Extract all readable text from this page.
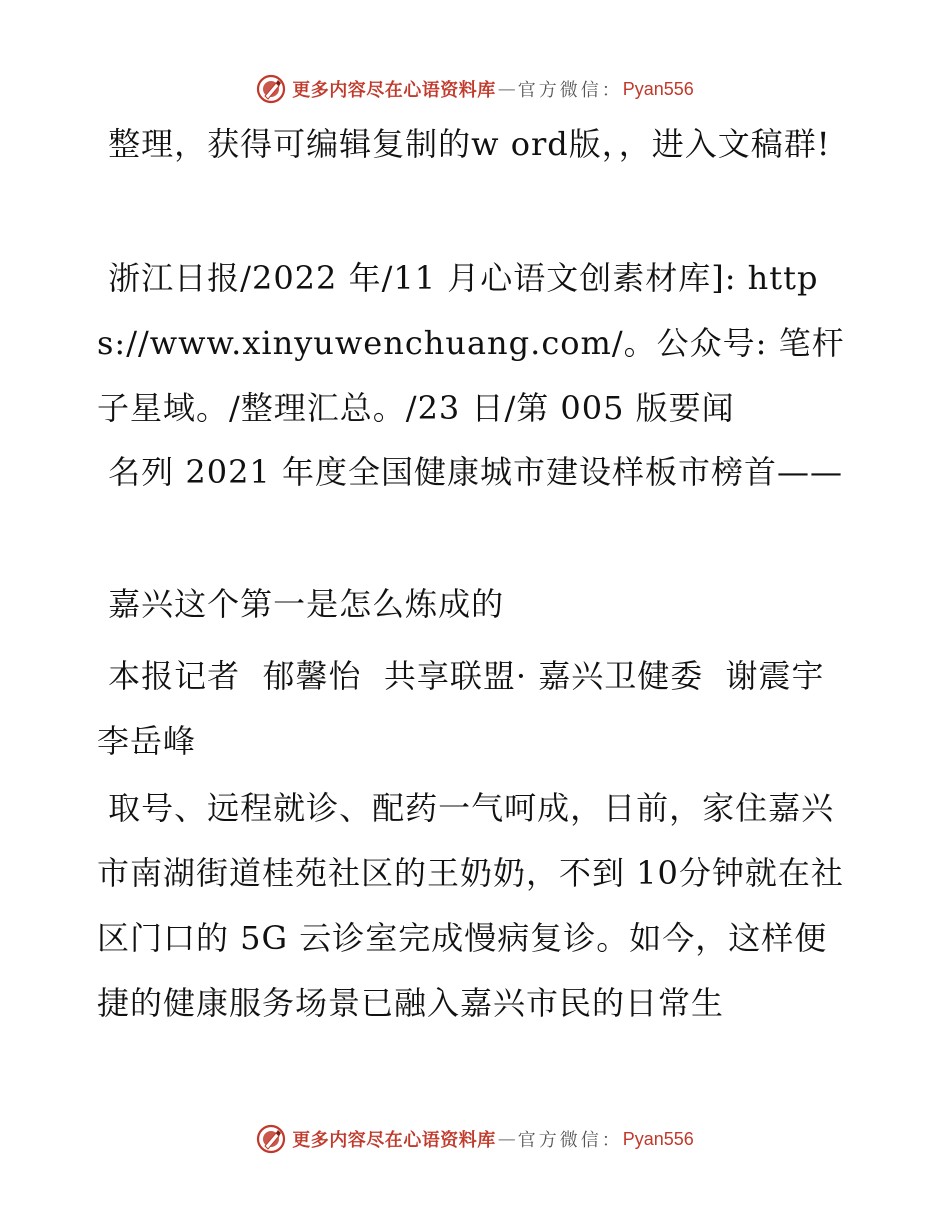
更多内容尽在心语资料库 — 官方微信： Pyan556

整理，获得可编辑复制的w ord版，，进入文稿群!

浙江日报/2022 年/11 月心语文创素材库]: https://www.xinyuwenchuang.com/。公众号: 笔杆子星域。/整理汇总。/23 日/第 005 版要闻

名列 2021 年度全国健康城市建设样板市榜首——

嘉兴这个第一是怎么炼成的

本报记者  郁馨怡  共享联盟· 嘉兴卫健委  谢震宇  李岳峰

取号、远程就诊、配药一气呵成，日前，家住嘉兴市南湖街道桂苑社区的王奶奶，不到 10分钟就在社区门口的 5G 云诊室完成慢病复诊。如今，这样便捷的健康服务场景已融入嘉兴市民的日常生

更多内容尽在心语资料库 — 官方微信： Pyan556
